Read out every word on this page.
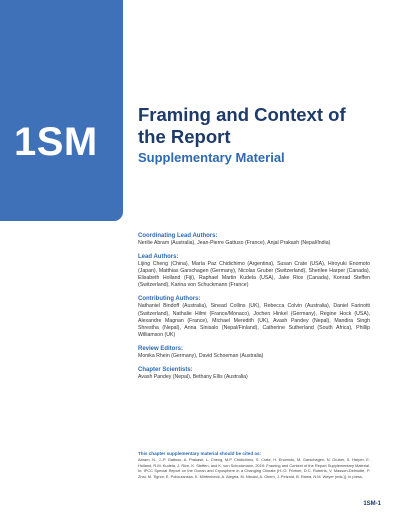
1SM
Framing and Context of the Report
Supplementary Material
Coordinating Lead Authors:
Nerilie Abram (Australia), Jean-Pierre Gattuso (France), Anjal Prakash (Nepal/India)
Lead Authors:
Lijing Cheng (China), María Paz Chidichimo (Argentina), Susan Crate (USA), Hiroyuki Enomoto (Japan), Matthias Garschagen (Germany), Nicolas Gruber (Switzerland), Sherilee Harper (Canada), Elisabeth Holland (Fiji), Raphael Martin Kudela (USA), Jake Rice (Canada), Konrad Steffen (Switzerland), Karina von Schuckmann (France)
Contributing Authors:
Nathaniel Bindoff (Australia), Sinead Collins (UK), Rebecca Colvin (Australia), Daniel Farinotti (Switzerland), Nathalie Hilmi (France/Monaco), Jochen Hinkel (Germany), Regine Hock (USA), Alexandre Magnan (France), Michael Meredith (UK), Avash Pandey (Nepal), Mandira Singh Shrestha (Nepal), Anna Sinisalo (Nepal/Finland), Catherine Sutherland (South Africa), Phillip Williamson (UK)
Review Editors:
Monika Rhein (Germany), David Schoeman (Australia)
Chapter Scientists:
Avash Pandey (Nepal), Bethany Ellis (Australia)
This chapter supplementary material should be cited as:
Abram, N., J.-P. Gattuso, A. Prakash, L. Cheng, M.P. Chidichimo, S. Crate, H. Enomoto, M. Garschagen, N. Gruber, S. Harper, E. Holland, R.M. Kudela, J. Rice, K. Steffen, and K. von Schuckmann, 2019: Framing and Context of the Report Supplementary Material. In: IPCC Special Report on the Ocean and Cryosphere in a Changing Climate [H.-O. Pörtner, D.C. Roberts, V. Masson-Delmotte, P. Zhai, M. Tignor, E. Poloczanska, K. Mintenbeck, A. Alegría, M. Nicolai, A. Okem, J. Petzold, B. Rama, N.M. Weyer (eds.)]. In press.
1SM-1
